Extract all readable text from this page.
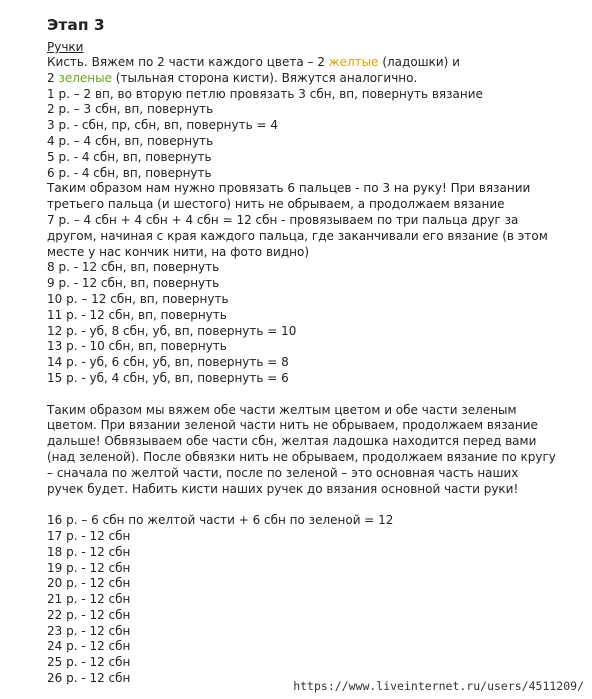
Этап 3
Ручки
Кисть. Вяжем по 2 части каждого цвета – 2 желтые (ладошки) и
2 зеленые (тыльная сторона кисти). Вяжутся аналогично.
1 р. – 2 вп, во вторую петлю провязать 3 сбн, вп, повернуть вязание
2 р. – 3 сбн, вп, повернуть
3 р. - сбн, пр, сбн, вп, повернуть = 4
4 р. – 4 сбн, вп, повернуть
5 р. - 4 сбн, вп, повернуть
6 р. - 4 сбн, вп, повернуть
Таким образом нам нужно провязать 6 пальцев - по 3 на руку! При вязании
третьего пальца (и шестого) нить не обрываем, а продолжаем вязание
7 р. – 4 сбн + 4 сбн + 4 сбн = 12 сбн - провязываем по три пальца друг за
другом, начиная с края каждого пальца, где заканчивали его вязание (в этом
месте у нас кончик нити, на фото видно)
8 р. - 12 сбн, вп, повернуть
9 р. - 12 сбн, вп, повернуть
10 р. – 12 сбн, вп, повернуть
11 р. - 12 сбн, вп, повернуть
12 р. - уб, 8 сбн, уб, вп, повернуть = 10
13 р. - 10 сбн, вп, повернуть
14 р. - уб, 6 сбн, уб, вп, повернуть = 8
15 р. - уб, 4 сбн, уб, вп, повернуть = 6
Таким образом мы вяжем обе части желтым цветом и обе части зеленым
цветом. При вязании зеленой части нить не обрываем, продолжаем вязание
дальше! Обвязываем обе части сбн, желтая ладошка находится перед вами
(над зеленой). После обвязки нить не обрываем, продолжаем вязание по кругу
– сначала по желтой части, после по зеленой – это основная часть наших
ручек будет. Набить кисти наших ручек до вязания основной части руки!
16 р. – 6 сбн по желтой части + 6 сбн по зеленой = 12
17 р. - 12 сбн
18 р. - 12 сбн
19 р. - 12 сбн
20 р. - 12 сбн
21 р. - 12 сбн
22 р. - 12 сбн
23 р. - 12 сбн
24 р. - 12 сбн
25 р. - 12 сбн
26 р. - 12 сбн
https://www.liveinternet.ru/users/4511209/
